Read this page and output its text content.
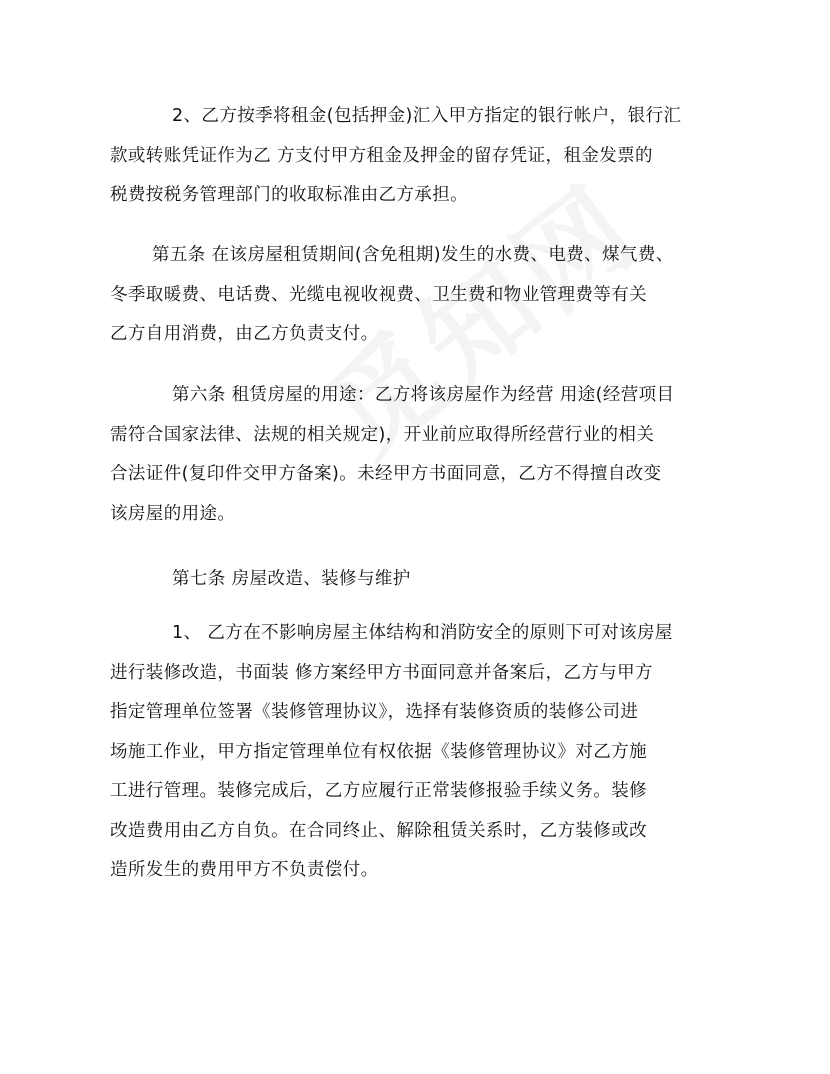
2、乙方按季将租金(包括押金)汇入甲方指定的银行帐户，银行汇
款或转账凭证作为乙 方支付甲方租金及押金的留存凭证，租金发票的
税费按税务管理部门的收取标准由乙方承担。
第五条 在该房屋租赁期间(含免租期)发生的水费、电费、煤气费、
冬季取暖费、电话费、光缆电视收视费、卫生费和物业管理费等有关
乙方自用消费，由乙方负责支付。
第六条 租赁房屋的用途：乙方将该房屋作为经营 用途(经营项目
需符合国家法律、法规的相关规定)，开业前应取得所经营行业的相关
合法证件(复印件交甲方备案)。未经甲方书面同意，乙方不得擅自改变
该房屋的用途。
第七条 房屋改造、装修与维护
1、 乙方在不影响房屋主体结构和消防安全的原则下可对该房屋
进行装修改造，书面装 修方案经甲方书面同意并备案后，乙方与甲方
指定管理单位签署《装修管理协议》，选择有装修资质的装修公司进
场施工作业，甲方指定管理单位有权依据《装修管理协议》对乙方施
工进行管理。装修完成后，乙方应履行正常装修报验手续义务。装修
改造费用由乙方自负。在合同终止、解除租赁关系时，乙方装修或改
造所发生的费用甲方不负责偿付。
